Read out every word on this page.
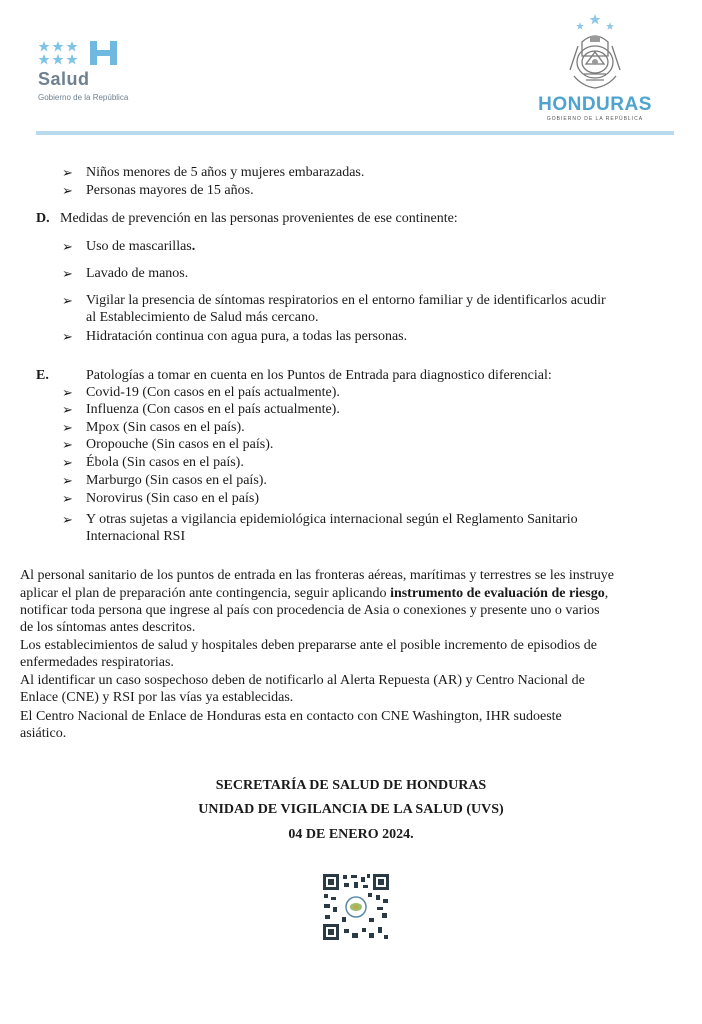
Salud
Gobierno de la República	HONDURAS
GOBIERNO DE LA REPÚBLICA
➢ Niños menores de 5 años y mujeres embarazadas.
➢ Personas mayores de 15 años.
D. Medidas de prevención en las personas provenientes de ese continente:
➢ Uso de mascarillas.
➢ Lavado de manos.
➢ Vigilar la presencia de síntomas respiratorios en el entorno familiar y de identificarlos acudir
al Establecimiento de Salud más cercano.
➢ Hidratación continua con agua pura, a todas las personas.
E.	Patologías a tomar en cuenta en los Puntos de Entrada para diagnostico diferencial:
➢ Covid-19 (Con casos en el país actualmente).
➢ Influenza (Con casos en el país actualmente).
➢ Mpox (Sin casos en el país).
➢ Oropouche (Sin casos en el país).
➢ Ébola (Sin casos en el país).
➢ Marburgo (Sin casos en el país).
➢ Norovirus (Sin caso en el país)
➢ Y otras sujetas a vigilancia epidemiológica internacional según el Reglamento Sanitario
Internacional RSI
Al personal sanitario de los puntos de entrada en las fronteras aéreas, marítimas y terrestres se les instruye
aplicar el plan de preparación ante contingencia, seguir aplicando instrumento de evaluación de riesgo,
notificar toda persona que ingrese al país con procedencia de Asia o conexiones y presente uno o varios
de los síntomas antes descritos.
Los establecimientos de salud y hospitales deben prepararse ante el posible incremento de episodios de
enfermedades respiratorias.
Al identificar un caso sospechoso deben de notificarlo al Alerta Repuesta (AR) y Centro Nacional de
Enlace (CNE) y RSI por las vías ya establecidas.
El Centro Nacional de Enlace de Honduras esta en contacto con CNE Washington, IHR sudoeste
asiático.
SECRETARÍA DE SALUD DE HONDURAS
UNIDAD DE VIGILANCIA DE LA SALUD (UVS)
04 DE ENERO 2024.
